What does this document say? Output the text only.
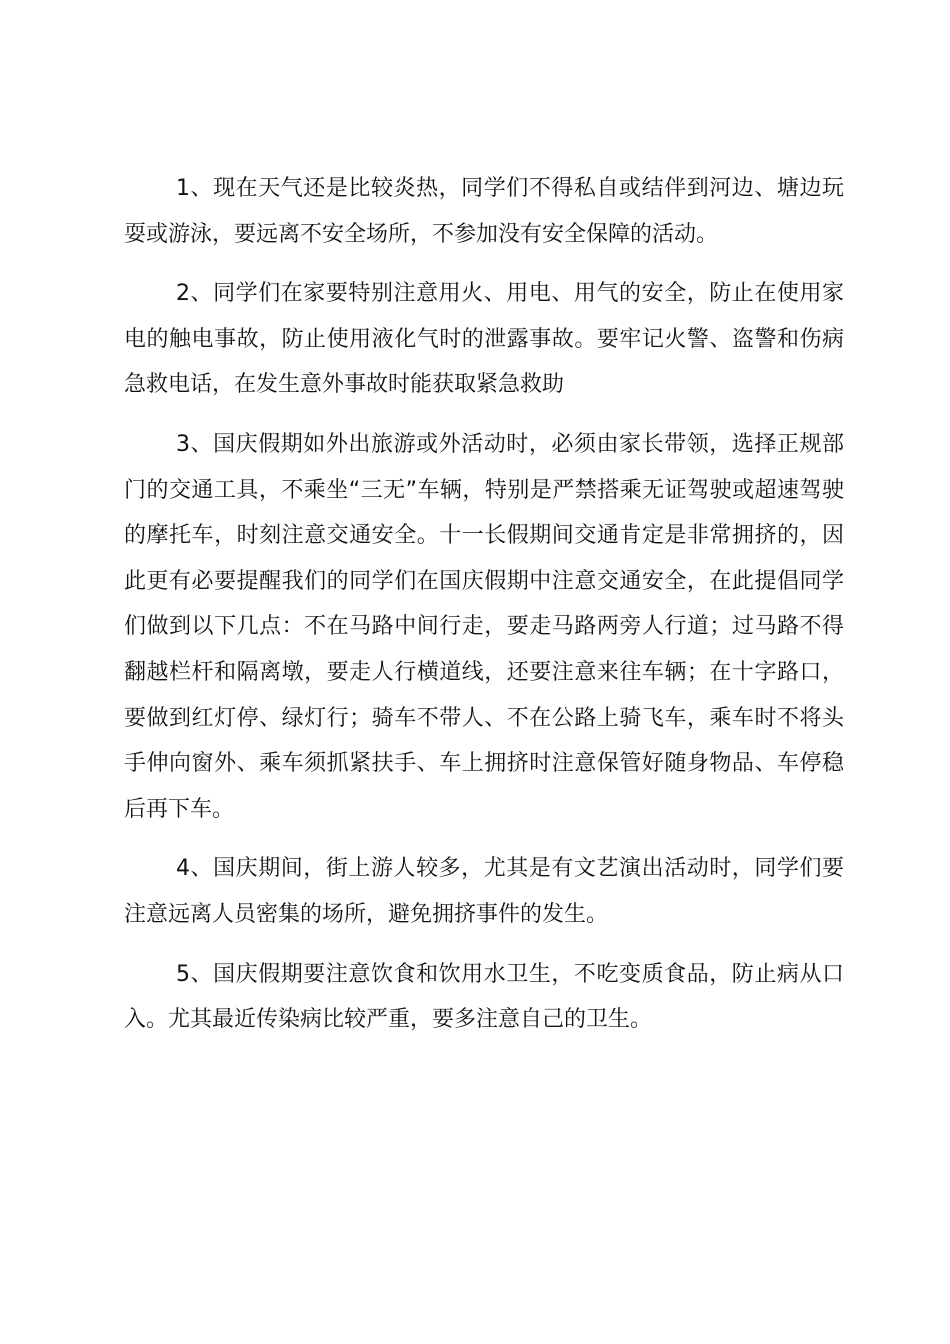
1、现在天气还是比较炎热，同学们不得私自或结伴到河边、塘边玩耍或游泳，要远离不安全场所，不参加没有安全保障的活动。

2、同学们在家要特别注意用火、用电、用气的安全，防止在使用家电的触电事故，防止使用液化气时的泄露事故。要牢记火警、盗警和伤病急救电话，在发生意外事故时能获取紧急救助

3、国庆假期如外出旅游或外活动时，必须由家长带领，选择正规部门的交通工具，不乘坐“三无”车辆，特别是严禁搭乘无证驾驶或超速驾驶的摩托车，时刻注意交通安全。十一长假期间交通肯定是非常拥挤的，因此更有必要提醒我们的同学们在国庆假期中注意交通安全，在此提倡同学们做到以下几点：不在马路中间行走，要走马路两旁人行道；过马路不得翻越栏杆和隔离墩，要走人行横道线，还要注意来往车辆；在十字路口，要做到红灯停、绿灯行；骑车不带人、不在公路上骑飞车，乘车时不将头手伸向窗外、乘车须抓紧扶手、车上拥挤时注意保管好随身物品、车停稳后再下车。

4、国庆期间，街上游人较多，尤其是有文艺演出活动时，同学们要注意远离人员密集的场所，避免拥挤事件的发生。

5、国庆假期要注意饮食和饮用水卫生，不吃变质食品，防止病从口入。尤其最近传染病比较严重，要多注意自己的卫生。
